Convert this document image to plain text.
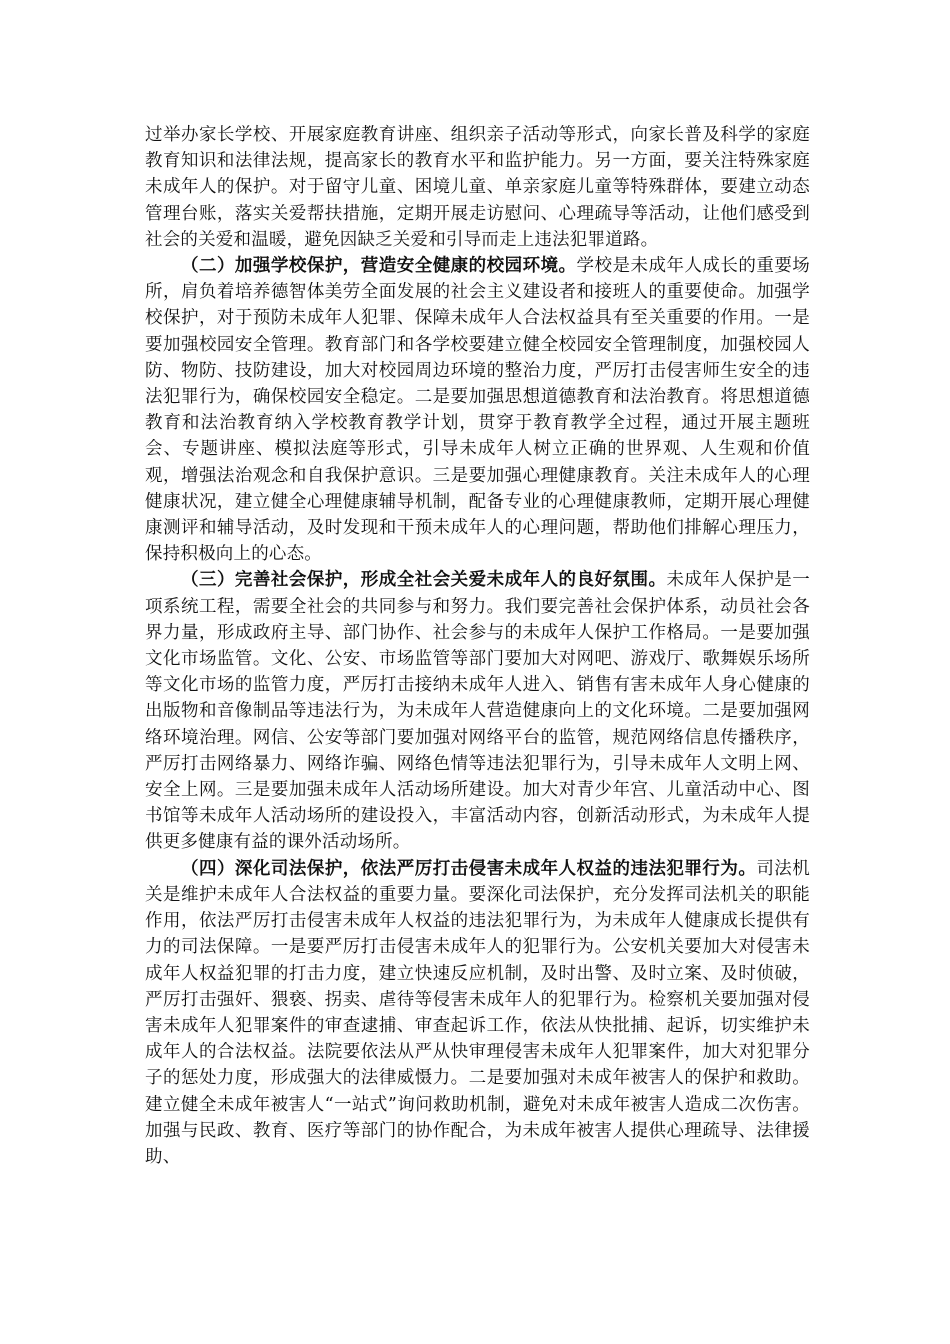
过举办家长学校、开展家庭教育讲座、组织亲子活动等形式，向家长普及科学的家庭教育知识和法律法规，提高家长的教育水平和监护能力。另一方面，要关注特殊家庭未成年人的保护。对于留守儿童、困境儿童、单亲家庭儿童等特殊群体，要建立动态管理台账，落实关爱帮扶措施，定期开展走访慰问、心理疏导等活动，让他们感受到社会的关爱和温暖，避免因缺乏关爱和引导而走上违法犯罪道路。

（二）加强学校保护，营造安全健康的校园环境。学校是未成年人成长的重要场所，肩负着培养德智体美劳全面发展的社会主义建设者和接班人的重要使命。加强学校保护，对于预防未成年人犯罪、保障未成年人合法权益具有至关重要的作用。一是要加强校园安全管理。教育部门和各学校要建立健全校园安全管理制度，加强校园人防、物防、技防建设，加大对校园周边环境的整治力度，严厉打击侵害师生安全的违法犯罪行为，确保校园安全稳定。二是要加强思想道德教育和法治教育。将思想道德教育和法治教育纳入学校教育教学计划，贯穿于教育教学全过程，通过开展主题班会、专题讲座、模拟法庭等形式，引导未成年人树立正确的世界观、人生观和价值观，增强法治观念和自我保护意识。三是要加强心理健康教育。关注未成年人的心理健康状况，建立健全心理健康辅导机制，配备专业的心理健康教师，定期开展心理健康测评和辅导活动，及时发现和干预未成年人的心理问题，帮助他们排解心理压力，保持积极向上的心态。

（三）完善社会保护，形成全社会关爱未成年人的良好氛围。未成年人保护是一项系统工程，需要全社会的共同参与和努力。我们要完善社会保护体系，动员社会各界力量，形成政府主导、部门协作、社会参与的未成年人保护工作格局。一是要加强文化市场监管。文化、公安、市场监管等部门要加大对网吧、游戏厅、歌舞娱乐场所等文化市场的监管力度，严厉打击接纳未成年人进入、销售有害未成年人身心健康的出版物和音像制品等违法行为，为未成年人营造健康向上的文化环境。二是要加强网络环境治理。网信、公安等部门要加强对网络平台的监管，规范网络信息传播秩序，严厉打击网络暴力、网络诈骗、网络色情等违法犯罪行为，引导未成年人文明上网、安全上网。三是要加强未成年人活动场所建设。加大对青少年宫、儿童活动中心、图书馆等未成年人活动场所的建设投入，丰富活动内容，创新活动形式，为未成年人提供更多健康有益的课外活动场所。

（四）深化司法保护，依法严厉打击侵害未成年人权益的违法犯罪行为。司法机关是维护未成年人合法权益的重要力量。要深化司法保护，充分发挥司法机关的职能作用，依法严厉打击侵害未成年人权益的违法犯罪行为，为未成年人健康成长提供有力的司法保障。一是要严厉打击侵害未成年人的犯罪行为。公安机关要加大对侵害未成年人权益犯罪的打击力度，建立快速反应机制，及时出警、及时立案、及时侦破，严厉打击强奸、猥亵、拐卖、虐待等侵害未成年人的犯罪行为。检察机关要加强对侵害未成年人犯罪案件的审查逮捕、审查起诉工作，依法从快批捕、起诉，切实维护未成年人的合法权益。法院要依法从严从快审理侵害未成年人犯罪案件，加大对犯罪分子的惩处力度，形成强大的法律威慑力。二是要加强对未成年被害人的保护和救助。建立健全未成年被害人“一站式”询问救助机制，避免对未成年被害人造成二次伤害。加强与民政、教育、医疗等部门的协作配合，为未成年被害人提供心理疏导、法律援助、
